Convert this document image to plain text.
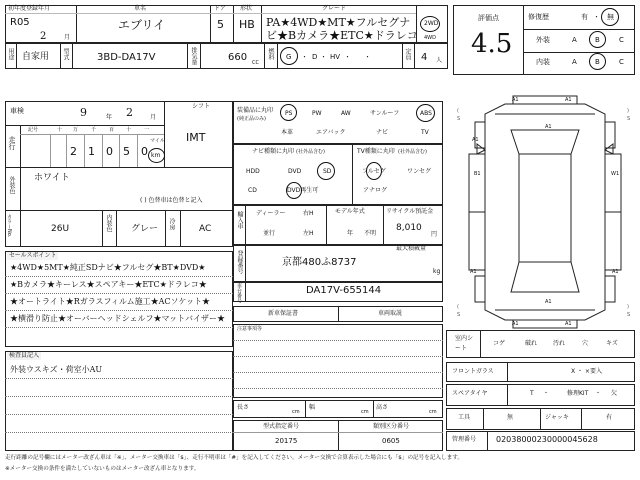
初年度登録年月	車名	ドア 形状	グレード
R05
2	月
エブリイ	5 HB PA★4WD★MT★フルセグナ
ビ★Bカメラ★ETC★ドラレコ
2WD
4WD
評価点
4.5
修復歴	有 ・ 無
外装	A	B	C
内装	A	B	C
用途 自家用 型式	3BD-DA17V	排気量	660 CC
燃料 G ・ D ・ HV ・ ・	定員 4 人
車検	9	年 2	月
シフト
IMT
走行
記号	十 万	千	百 十	一
2 1 0 5 0
マイル
km
外装色 ホワイト
( ) 色替車は色替と記入
カラーNo.	26U	内装色 グレー 冷房	AC
セールスポイント
★4WD★5MT★純正SDナビ★フルセグ★BT★DVD★
★Bカメラ★キーレス★スペアキー★ETC★ドラレコ★
★オートライト★Rガラスフィルム施工★ACソケット★
★横滑り防止★オーバーヘッドシェルフ★マットバイザー★
検査員記入
外装ウスキズ・荷室小AU
装備品に丸印
(純正品のみ)
PS	PW	AW	サンルーフ	ABS
本革	エアバック	ナビ	TV
ナビ種類に丸印 (社外品含む)
HDD	DVD	SD
CD	DVD再生可
TV種類に丸印 (社外品含む)
フルセグ	ワンセグ
アナログ
輸入車 ディーラー	右H
並行	左H
モデル年式
年 不明
リサイクル預託金
8,010
円
登録番号	京都480ふ8737
最大積載量
kg
車台番号	DA17V-655144
新車保証書	車両取説
注意事項等
長さ
cm
幅
cm
高さ
cm
型式指定番号
20175
類別区分番号
0605
(
S
)
S
(
S
)
S
A1	A1
A1
A1
B1	W1
A1	A1
A1
A1	A1
室内シート
コゲ	破れ	汚れ	穴	キズ
フロントガラス	X ・ ×要入
スペアタイヤ	T ・	修理KIT ・ 欠
工具	無	ジャッキ	有
管理番号 02038000230000045628
走行距離の記号欄にはメーター改ざん車は「※」、メーター交換車は「$」、走行不明車は「#」を記入してください。メーター交換で合算表示した場合にも「$」の記号を記入します。
※メーター交換の条件を満たしていないものはメーター改ざん車となります。
